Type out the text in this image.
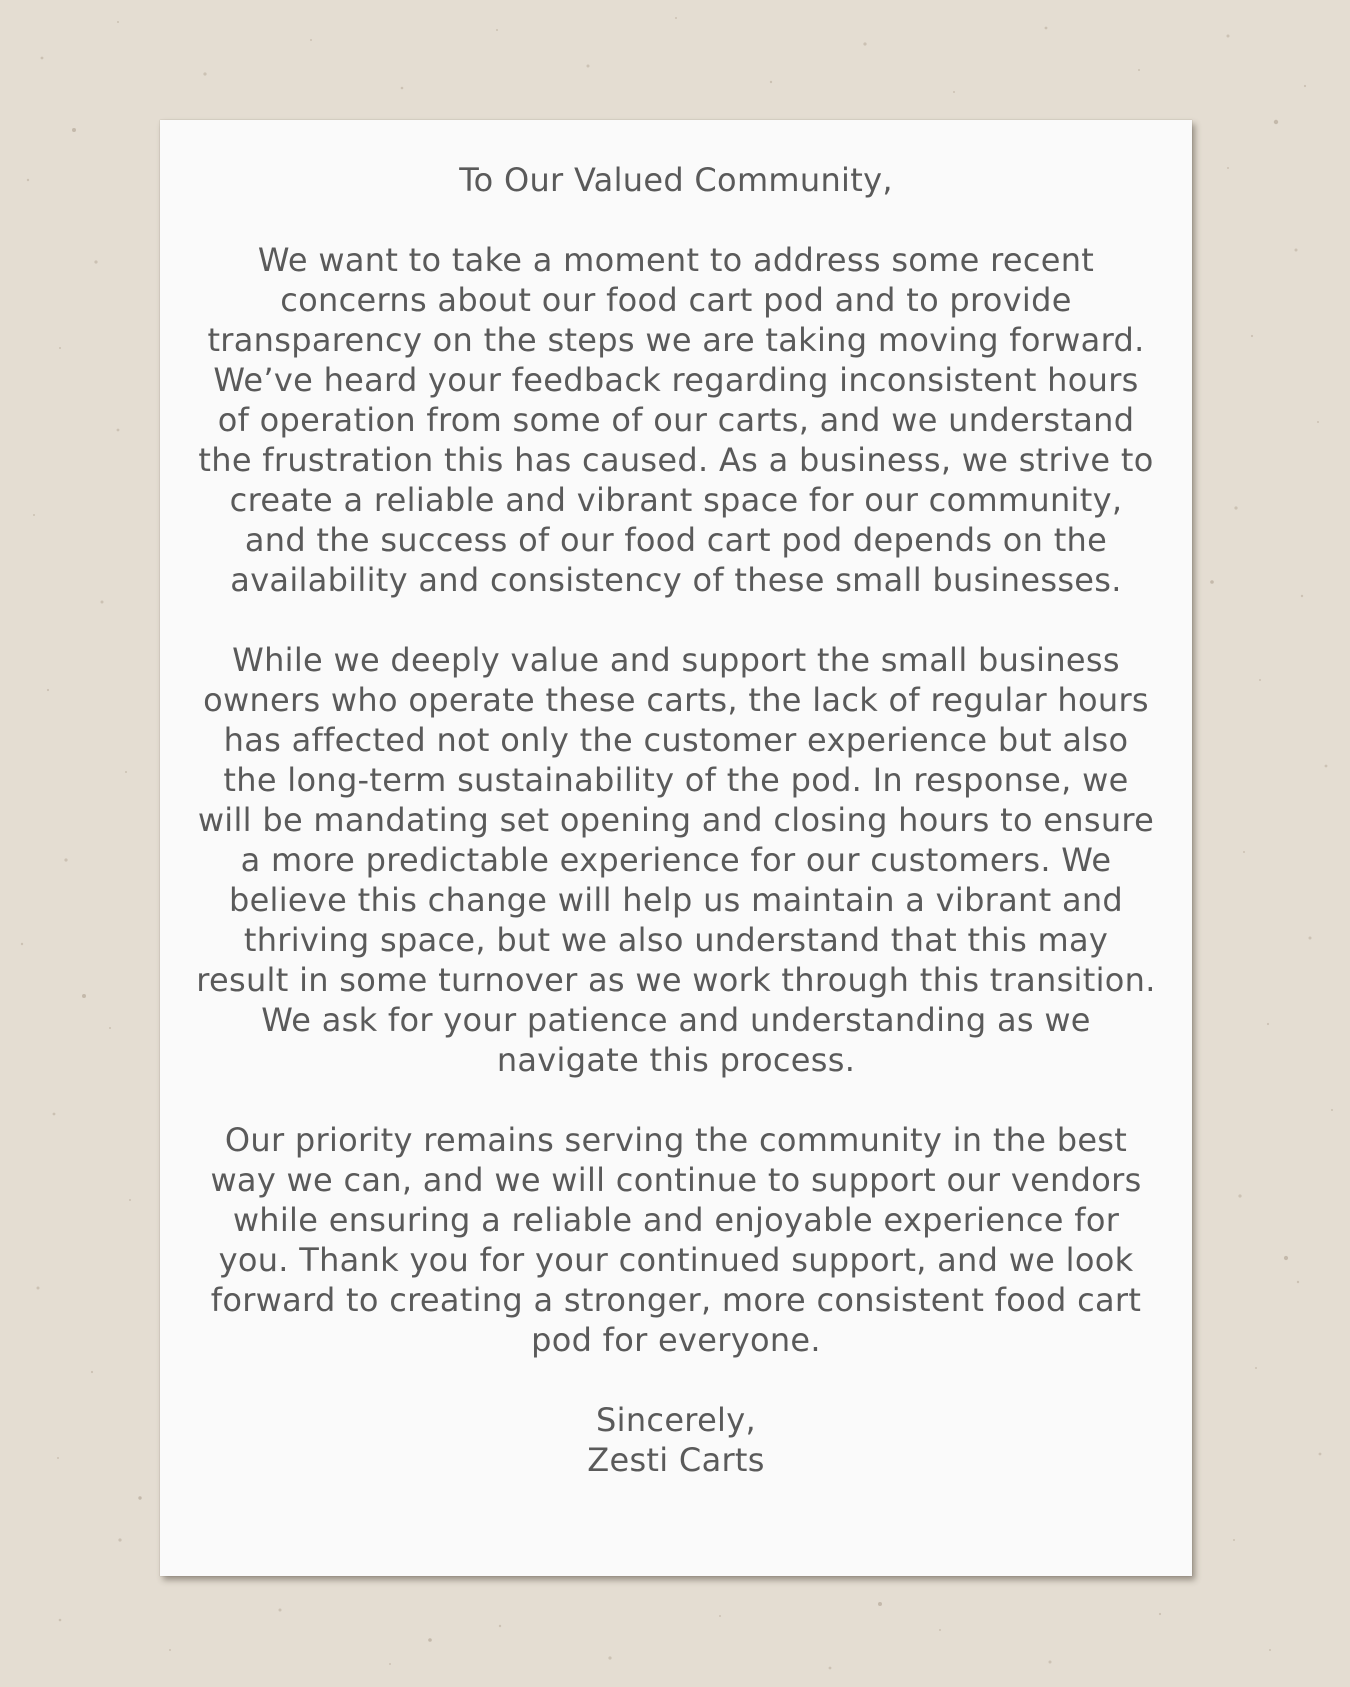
To Our Valued Community,

We want to take a moment to address some recent concerns about our food cart pod and to provide transparency on the steps we are taking moving forward. We’ve heard your feedback regarding inconsistent hours of operation from some of our carts, and we understand the frustration this has caused. As a business, we strive to create a reliable and vibrant space for our community, and the success of our food cart pod depends on the availability and consistency of these small businesses.

While we deeply value and support the small business owners who operate these carts, the lack of regular hours has affected not only the customer experience but also the long-term sustainability of the pod. In response, we will be mandating set opening and closing hours to ensure a more predictable experience for our customers. We believe this change will help us maintain a vibrant and thriving space, but we also understand that this may result in some turnover as we work through this transition. We ask for your patience and understanding as we navigate this process.

Our priority remains serving the community in the best way we can, and we will continue to support our vendors while ensuring a reliable and enjoyable experience for you. Thank you for your continued support, and we look forward to creating a stronger, more consistent food cart pod for everyone.

Sincerely,

Zesti Carts
